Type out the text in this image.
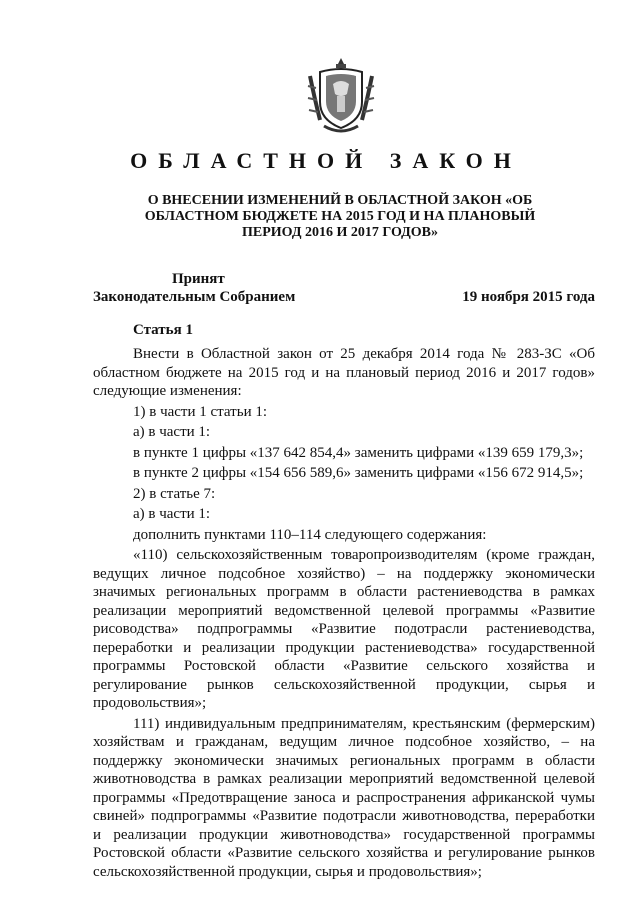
ОБЛАСТНОЙ ЗАКОН
О ВНЕСЕНИИ ИЗМЕНЕНИЙ В ОБЛАСТНОЙ ЗАКОН «ОБ ОБЛАСТНОМ БЮДЖЕТЕ НА 2015 ГОД И НА ПЛАНОВЫЙ ПЕРИОД 2016 И 2017 ГОДОВ»
Принят
Законодательным Собранием	19 ноября 2015 года
Статья 1

Внести в Областной закон от 25 декабря 2014 года № 283-ЗС «Об областном бюджете на 2015 год и на плановый период 2016 и 2017 годов» следующие изменения:

1) в части 1 статьи 1:

а) в части 1:

в пункте 1 цифры «137 642 854,4» заменить цифрами «139 659 179,3»;

в пункте 2 цифры «154 656 589,6» заменить цифрами «156 672 914,5»;

2) в статье 7:

а) в части 1:

дополнить пунктами 110–114 следующего содержания:

«110) сельскохозяйственным товаропроизводителям (кроме граждан, ведущих личное подсобное хозяйство) – на поддержку экономически значимых региональных программ в области растениеводства в рамках реализации мероприятий ведомственной целевой программы «Развитие рисоводства» подпрограммы «Развитие подотрасли растениеводства, переработки и реализации продукции растениеводства» государственной программы Ростовской области «Развитие сельского хозяйства и регулирование рынков сельскохозяйственной продукции, сырья и продовольствия»;

111) индивидуальным предпринимателям, крестьянским (фермерским) хозяйствам и гражданам, ведущим личное подсобное хозяйство, – на поддержку экономически значимых региональных программ в области животноводства в рамках реализации мероприятий ведомственной целевой программы «Предотвращение заноса и распространения африканской чумы свиней» подпрограммы «Развитие подотрасли животноводства, переработки и реализации продукции животноводства» государственной программы Ростовской области «Развитие сельского хозяйства и регулирование рынков сельскохозяйственной продукции, сырья и продовольствия»;
